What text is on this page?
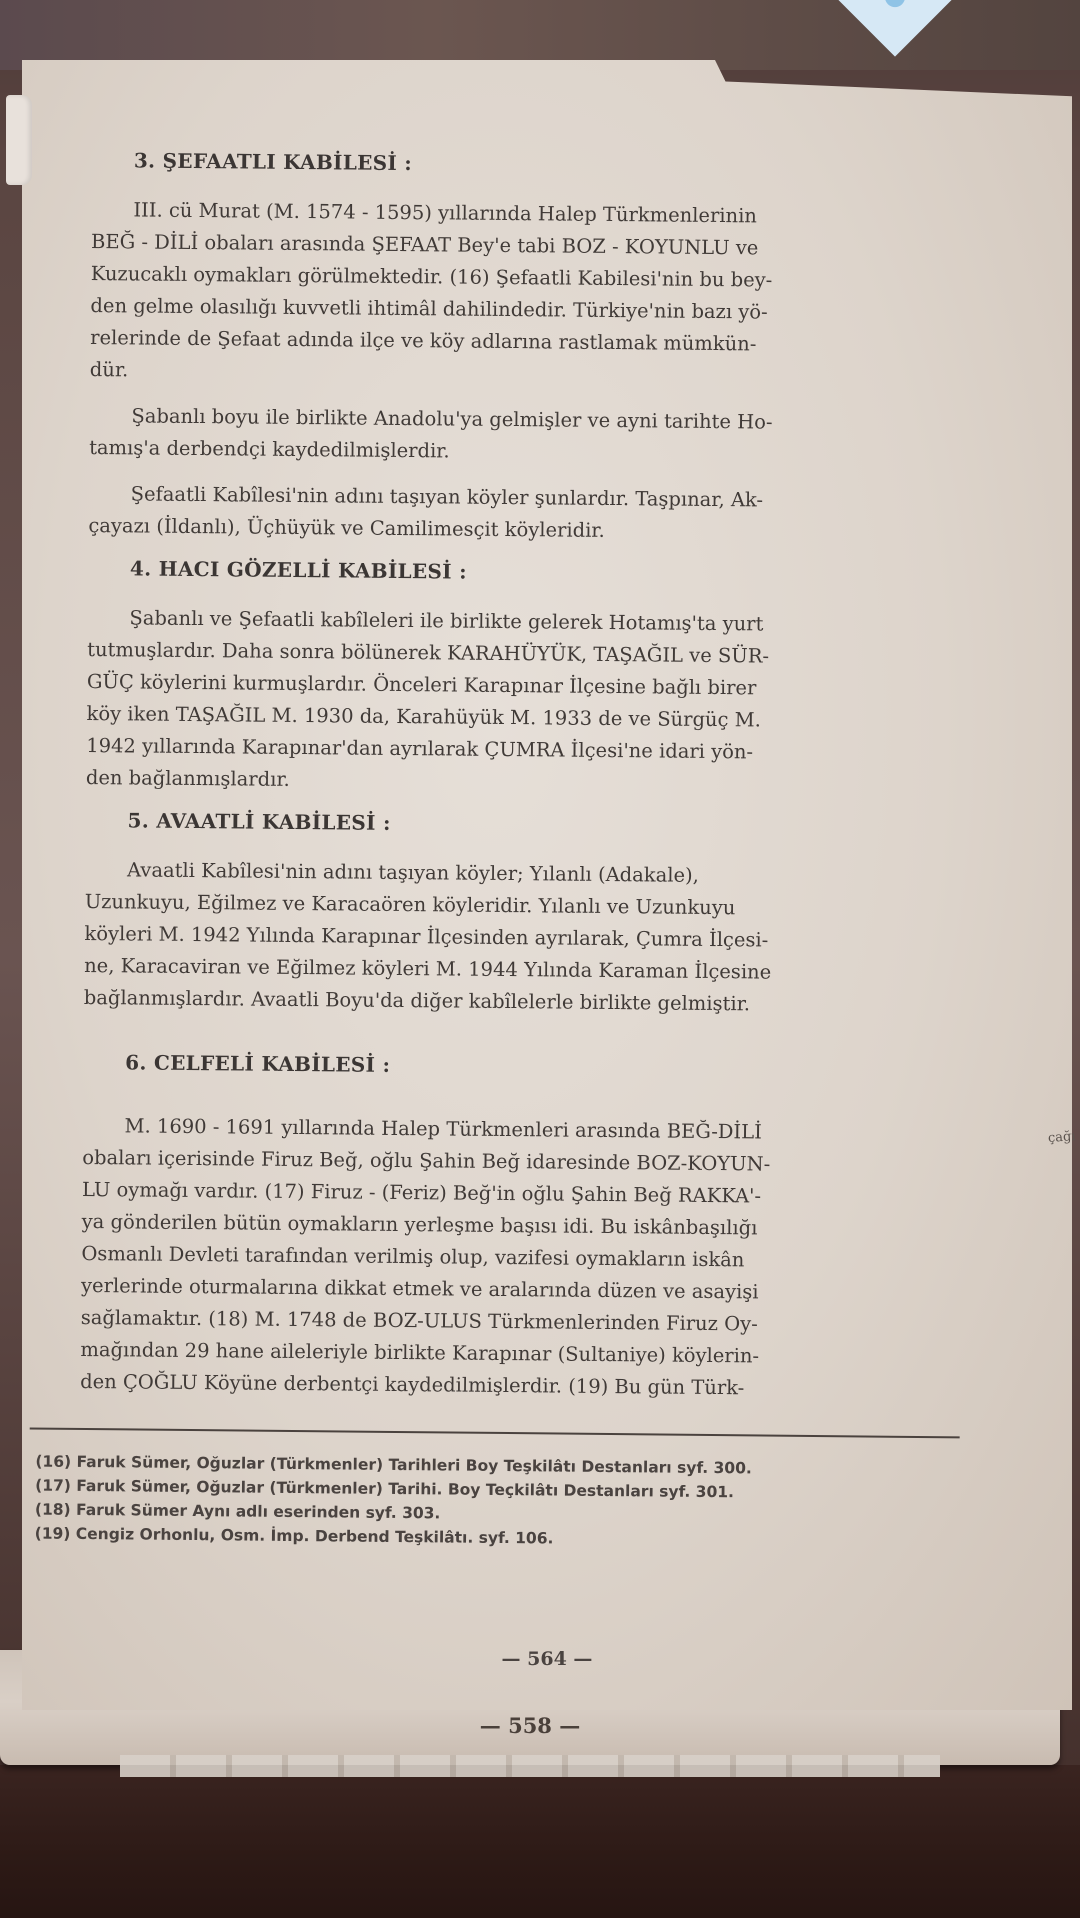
— 558 —
çağı
3. ŞEFAATLI KABİLESİ :

III. cü Murat (M. 1574 - 1595) yıllarında Halep Türkmenlerinin
BEĞ - DİLİ obaları arasında ŞEFAAT Bey'e tabi BOZ - KOYUNLU ve
Kuzucaklı oymakları görülmektedir. (16) Şefaatli Kabilesi'nin bu bey-
den gelme olasılığı kuvvetli ihtimâl dahilindedir. Türkiye'nin bazı yö-
relerinde de Şefaat adında ilçe ve köy adlarına rastlamak mümkün-
dür.

Şabanlı boyu ile birlikte Anadolu'ya gelmişler ve ayni tarihte Ho-
tamış'a derbendçi kaydedilmişlerdir.

Şefaatli Kabîlesi'nin adını taşıyan köyler şunlardır. Taşpınar, Ak-
çayazı (İldanlı), Üçhüyük ve Camilimesçit köyleridir.

4. HACI GÖZELLİ KABİLESİ :

Şabanlı ve Şefaatli kabîleleri ile birlikte gelerek Hotamış'ta yurt
tutmuşlardır. Daha sonra bölünerek KARAHÜYÜK, TAŞAĞIL ve SÜR-
GÜÇ köylerini kurmuşlardır. Önceleri Karapınar İlçesine bağlı birer
köy iken TAŞAĞIL M. 1930 da, Karahüyük M. 1933 de ve Sürgüç M.
1942 yıllarında Karapınar'dan ayrılarak ÇUMRA İlçesi'ne idari yön-
den bağlanmışlardır.

5. AVAATLİ KABİLESİ :

Avaatli Kabîlesi'nin adını taşıyan köyler; Yılanlı (Adakale),
Uzunkuyu, Eğilmez ve Karacaören köyleridir. Yılanlı ve Uzunkuyu
köyleri M. 1942 Yılında Karapınar İlçesinden ayrılarak, Çumra İlçesi-
ne, Karacaviran ve Eğilmez köyleri M. 1944 Yılında Karaman İlçesine
bağlanmışlardır. Avaatli Boyu'da diğer kabîlelerle birlikte gelmiştir.

6. CELFELİ KABİLESİ :

M. 1690 - 1691 yıllarında Halep Türkmenleri arasında BEĞ-DİLİ
obaları içerisinde Firuz Beğ, oğlu Şahin Beğ idaresinde BOZ-KOYUN-
LU oymağı vardır. (17) Firuz - (Feriz) Beğ'in oğlu Şahin Beğ RAKKA'-
ya gönderilen bütün oymakların yerleşme başısı idi. Bu iskânbaşılığı
Osmanlı Devleti tarafından verilmiş olup, vazifesi oymakların iskân
yerlerinde oturmalarına dikkat etmek ve aralarında düzen ve asayişi
sağlamaktır. (18) M. 1748 de BOZ-ULUS Türkmenlerinden Firuz Oy-
mağından 29 hane aileleriyle birlikte Karapınar (Sultaniye) köylerin-
den ÇOĞLU Köyüne derbentçi kaydedilmişlerdir. (19) Bu gün Türk-

(16) Faruk Sümer, Oğuzlar (Türkmenler) Tarihleri Boy Teşkilâtı Destanları syf. 300.
(17) Faruk Sümer, Oğuzlar (Türkmenler) Tarihi. Boy Teçkilâtı Destanları syf. 301.
(18) Faruk Sümer Aynı adlı eserinden syf. 303.
(19) Cengiz Orhonlu, Osm. İmp. Derbend Teşkilâtı. syf. 106.
— 564 —
